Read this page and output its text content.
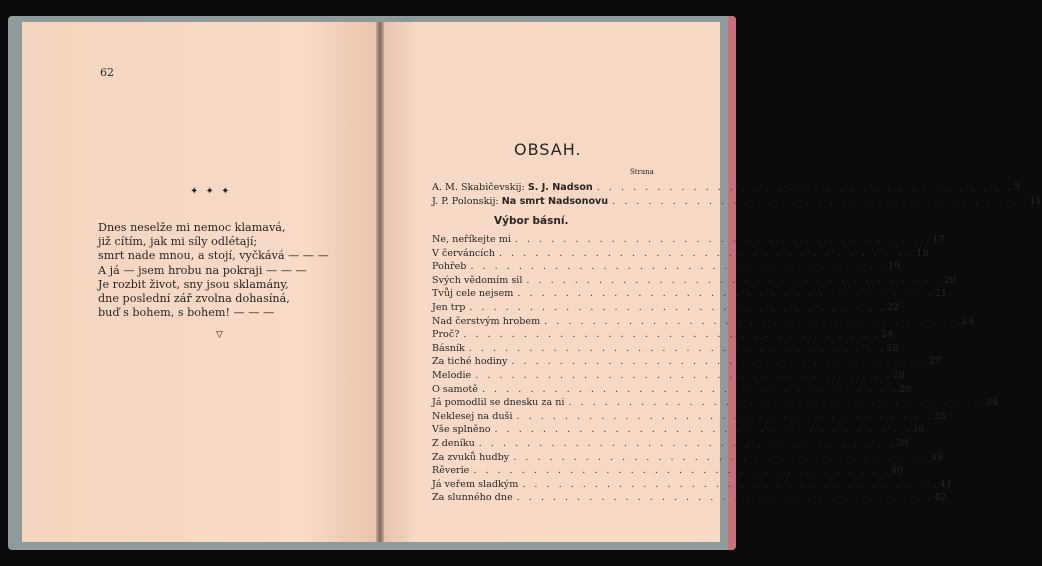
62
✦ ✦ ✦
Dnes neselže mi nemoc klamavá,
již cítím, jak mi síly odlétají;
smrt nade mnou, a stojí, vyčkává — — —
A já — jsem hrobu na pokraji — — —
Je rozbit život, sny jsou sklamány,
dne poslední zář zvolna dohasíná,
buď s bohem, s bohem! — — —
▽
OBSAH.
Strana
Výbor básní.
A. M. Skabičevskij: S. J. Nadson . . . . . . . . . . . . . . . . . . . . . . . . . . . . . . . . . . . 3
J. P. Polonskij: Na smrt Nadsonovu . . . . . . . . . . . . . . . . . . . . . . . . . . . . . . . . . . . 11
Ne, neříkejte mi . . . . . . . . . . . . . . . . . . . . . . . . . . . . . . . . . . . 17
V červáncích . . . . . . . . . . . . . . . . . . . . . . . . . . . . . . . . . . . 18
Pohřeb . . . . . . . . . . . . . . . . . . . . . . . . . . . . . . . . . . . 19
Svých vědomím sil . . . . . . . . . . . . . . . . . . . . . . . . . . . . . . . . . . . 20
Tvůj cele nejsem . . . . . . . . . . . . . . . . . . . . . . . . . . . . . . . . . . . 21
Jen trp . . . . . . . . . . . . . . . . . . . . . . . . . . . . . . . . . . . 22
Nad čerstvým hrobem . . . . . . . . . . . . . . . . . . . . . . . . . . . . . . . . . . . 23
Proč? . . . . . . . . . . . . . . . . . . . . . . . . . . . . . . . . . . . 24
Básník . . . . . . . . . . . . . . . . . . . . . . . . . . . . . . . . . . . 26
Za tiché hodiny . . . . . . . . . . . . . . . . . . . . . . . . . . . . . . . . . . . 27
Melodie . . . . . . . . . . . . . . . . . . . . . . . . . . . . . . . . . . . 28
O samotě . . . . . . . . . . . . . . . . . . . . . . . . . . . . . . . . . . . 29
Já pomodlil se dnesku za ni . . . . . . . . . . . . . . . . . . . . . . . . . . . . . . . . . . . 34
Neklesej na duši . . . . . . . . . . . . . . . . . . . . . . . . . . . . . . . . . . . 35
Vše splněno . . . . . . . . . . . . . . . . . . . . . . . . . . . . . . . . . . . 36
Z deníku . . . . . . . . . . . . . . . . . . . . . . . . . . . . . . . . . . . 38
Za zvuků hudby . . . . . . . . . . . . . . . . . . . . . . . . . . . . . . . . . . . 39
Rêverie . . . . . . . . . . . . . . . . . . . . . . . . . . . . . . . . . . . 40
Já veřem sladkým . . . . . . . . . . . . . . . . . . . . . . . . . . . . . . . . . . . 41
Za slunného dne . . . . . . . . . . . . . . . . . . . . . . . . . . . . . . . . . . . 42
